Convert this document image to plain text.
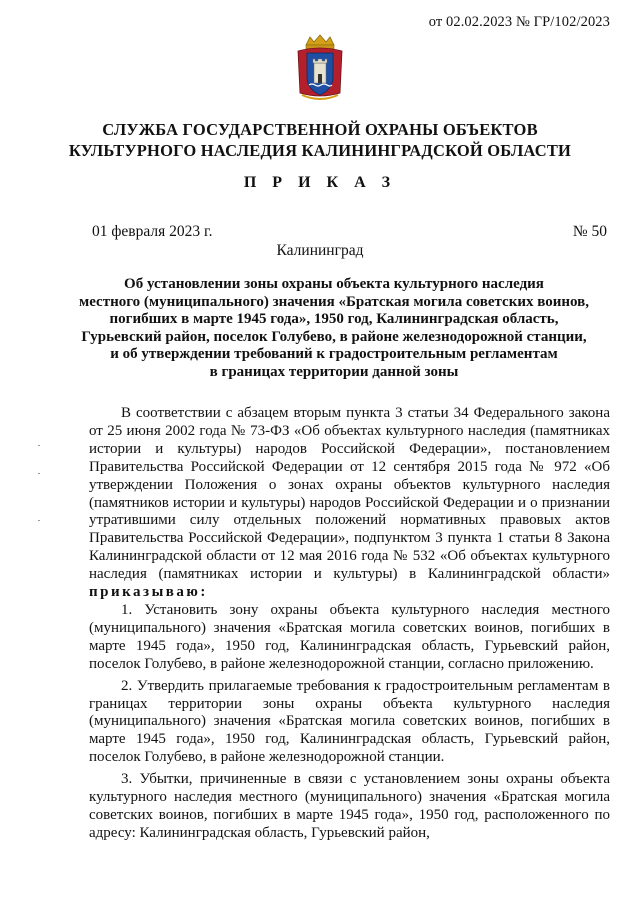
от 02.02.2023 № ГР/102/2023
СЛУЖБА ГОСУДАРСТВЕННОЙ ОХРАНЫ ОБЪЕКТОВ
КУЛЬТУРНОГО НАСЛЕДИЯ КАЛИНИНГРАДСКОЙ ОБЛАСТИ
П Р И К А З
01 февраля 2023 г.	№ 50
Калининград
Об установлении зоны охраны объекта культурного наследия
местного (муниципального) значения «Братская могила советских воинов,
погибших в марте 1945 года», 1950 год, Калининградская область,
Гурьевский район, поселок Голубево, в районе железнодорожной станции,
и об утверждении требований к градостроительным регламентам
в границах территории данной зоны

В соответствии с абзацем вторым пункта 3 статьи 34 Федерального закона от 25 июня 2002 года № 73-ФЗ «Об объектах культурного наследия (памятниках истории и культуры) народов Российской Федерации», постановлением Правительства Российской Федерации от 12 сентября 2015 года № 972 «Об утверждении Положения о зонах охраны объектов культурного наследия (памятников истории и культуры) народов Российской Федерации и о признании утратившими силу отдельных положений нормативных правовых актов Правительства Российской Федерации», подпунктом 3 пункта 1 статьи 8 Закона Калининградской области от 12 мая 2016 года № 532 «Об объектах культурного наследия (памятниках истории и культуры) в Калининградской области» приказываю:

1. Установить зону охраны объекта культурного наследия местного (муниципального) значения «Братская могила советских воинов, погибших в марте 1945 года», 1950 год, Калининградская область, Гурьевский район, поселок Голубево, в районе железнодорожной станции, согласно приложению.

2. Утвердить прилагаемые требования к градостроительным регламентам в границах территории зоны охраны объекта культурного наследия (муниципального) значения «Братская могила советских воинов, погибших в марте 1945 года», 1950 год, Калининградская область, Гурьевский район, поселок Голубево, в районе железнодорожной станции.

3. Убытки, причиненные в связи с установлением зоны охраны объекта культурного наследия местного (муниципального) значения «Братская могила советских воинов, погибших в марте 1945 года», 1950 год, расположенного по адресу: Калининградская область, Гурьевский район,
